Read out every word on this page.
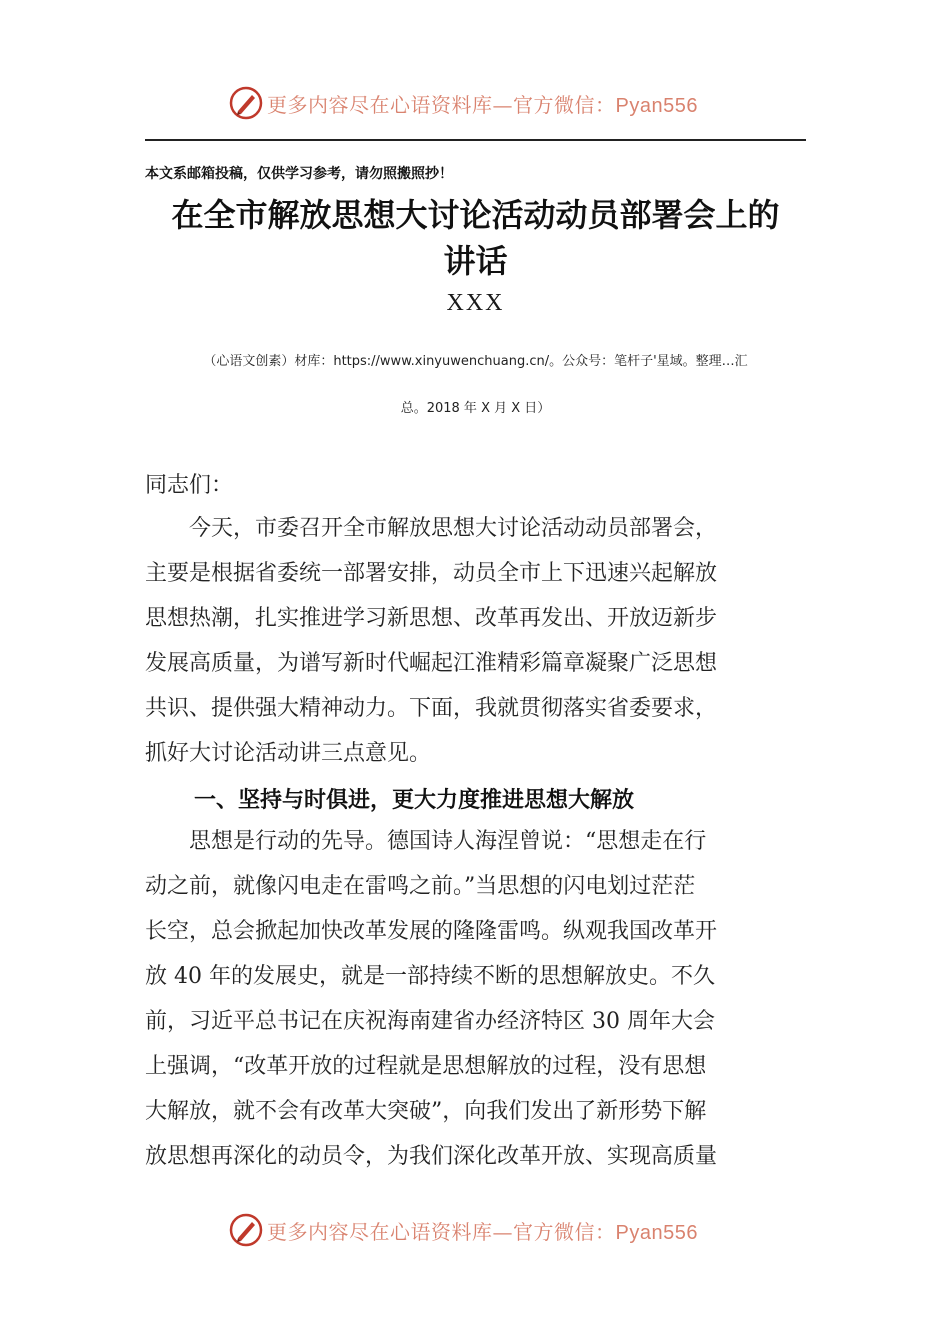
更多内容尽在心语资料库—官方微信：Pyan556
本文系邮箱投稿，仅供学习参考，请勿照搬照抄！
在全市解放思想大讨论活动动员部署会上的
讲话
XXX
（心语文创素）材库：https://www.xinyuwenchuang.cn/。公众号：笔杆子'星域。整理…汇
总。2018 年 X 月 X 日）
同志们：
　　今天，市委召开全市解放思想大讨论活动动员部署会，
主要是根据省委统一部署安排，动员全市上下迅速兴起解放
思想热潮，扎实推进学习新思想、改革再发出、开放迈新步
发展高质量，为谱写新时代崛起江淮精彩篇章凝聚广泛思想
共识、提供强大精神动力。下面，我就贯彻落实省委要求，
抓好大讨论活动讲三点意见。
一、坚持与时俱进，更大力度推进思想大解放
　　思想是行动的先导。德国诗人海涅曾说：“思想走在行
动之前，就像闪电走在雷鸣之前。”当思想的闪电划过茫茫
长空，总会掀起加快改革发展的隆隆雷鸣。纵观我国改革开
放 40 年的发展史，就是一部持续不断的思想解放史。不久
前，习近平总书记在庆祝海南建省办经济特区 30 周年大会
上强调，“改革开放的过程就是思想解放的过程，没有思想
大解放，就不会有改革大突破”，向我们发出了新形势下解
放思想再深化的动员令，为我们深化改革开放、实现高质量
更多内容尽在心语资料库—官方微信：Pyan556
